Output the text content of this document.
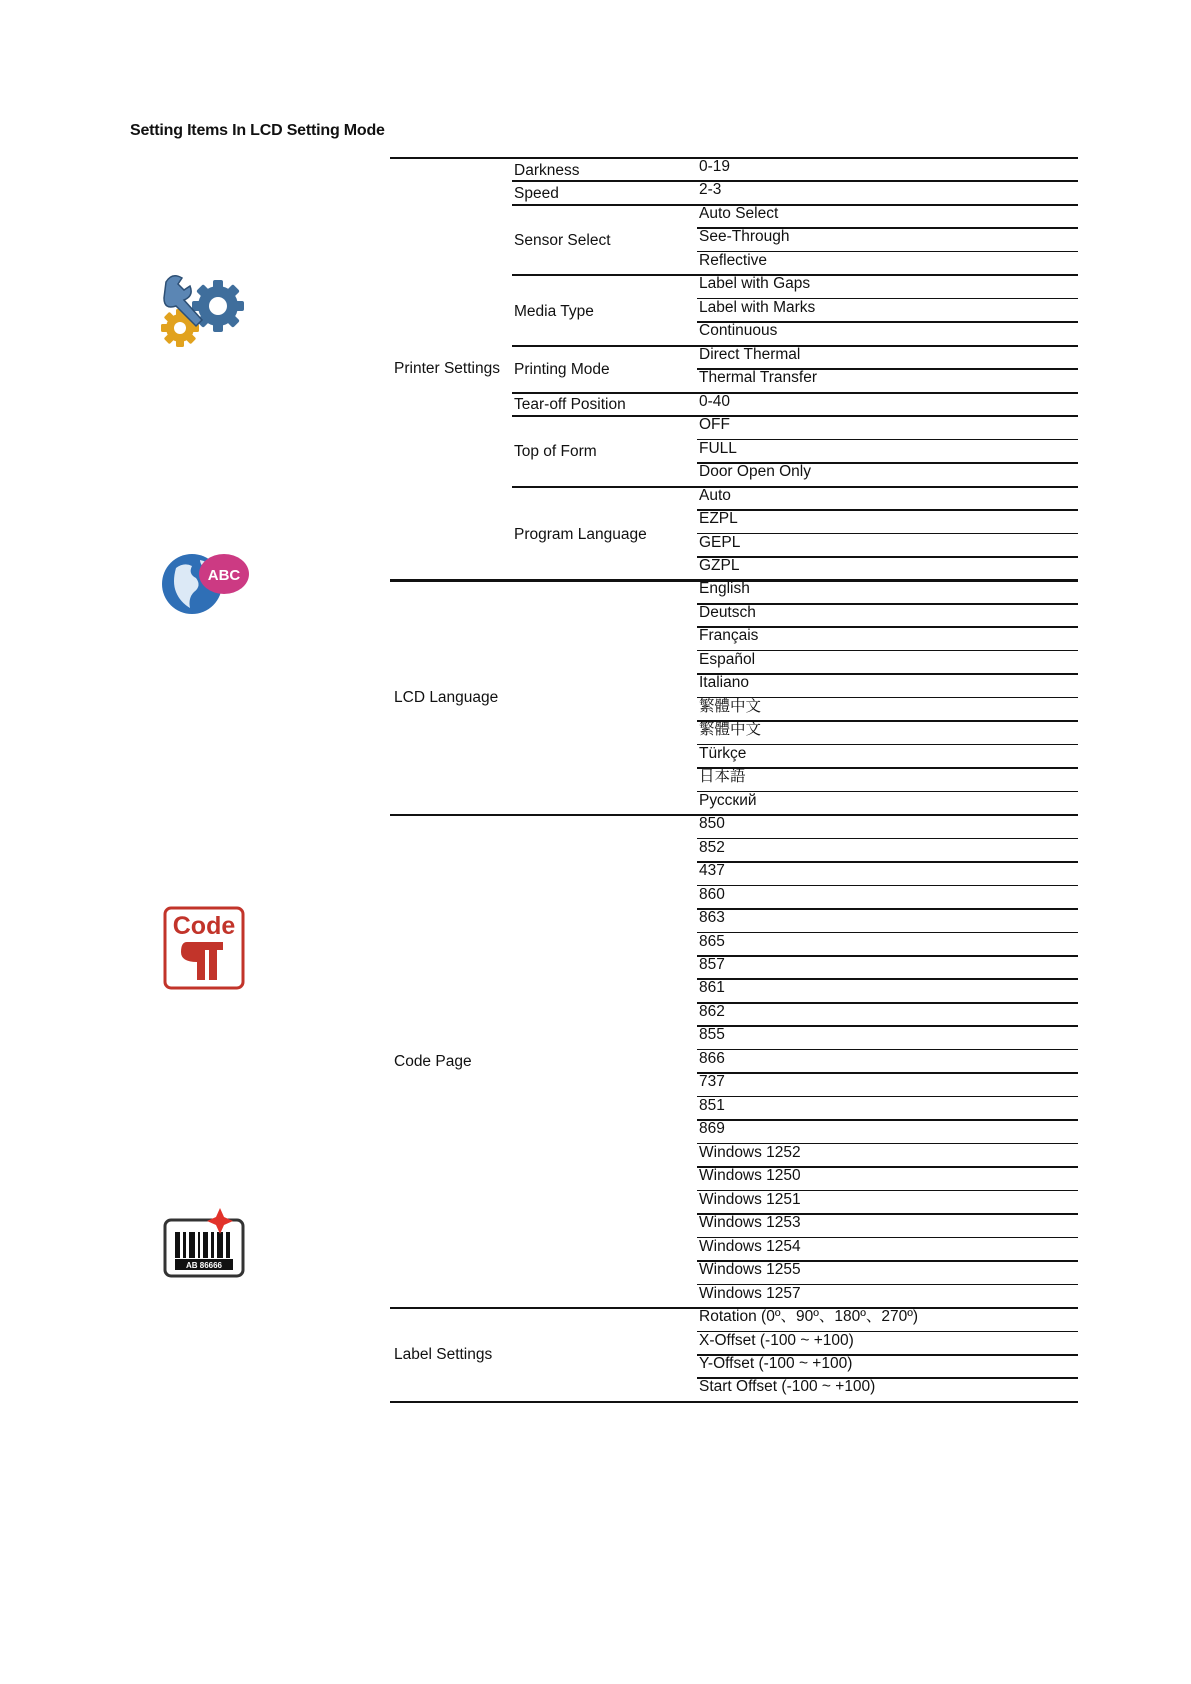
Setting Items In LCD Setting Mode
ABC
Code
AB 86666
Darkness
Speed
Sensor Select
Media Type
Printing Mode
Tear-off Position
Top of Form
Program Language
0-19
2-3
Auto Select
See-Through
Reflective
Label with Gaps
Label with Marks
Continuous
Direct Thermal
Thermal Transfer
0-40
OFF
FULL
Door Open Only
Auto
EZPL
GEPL
GZPL
Printer Settings
English
Deutsch
Français
Español
Italiano
繁體中文
繁體中文
Türkçe
日本語
Русский
LCD Language
850
852
437
860
863
865
857
861
862
855
866
737
851
869
Windows 1252
Windows 1250
Windows 1251
Windows 1253
Windows 1254
Windows 1255
Windows 1257
Code Page
Rotation (0º、90º、180º、270º)
X-Offset (-100 ~ +100)
Y-Offset (-100 ~ +100)
Start Offset (-100 ~ +100)
Label Settings
